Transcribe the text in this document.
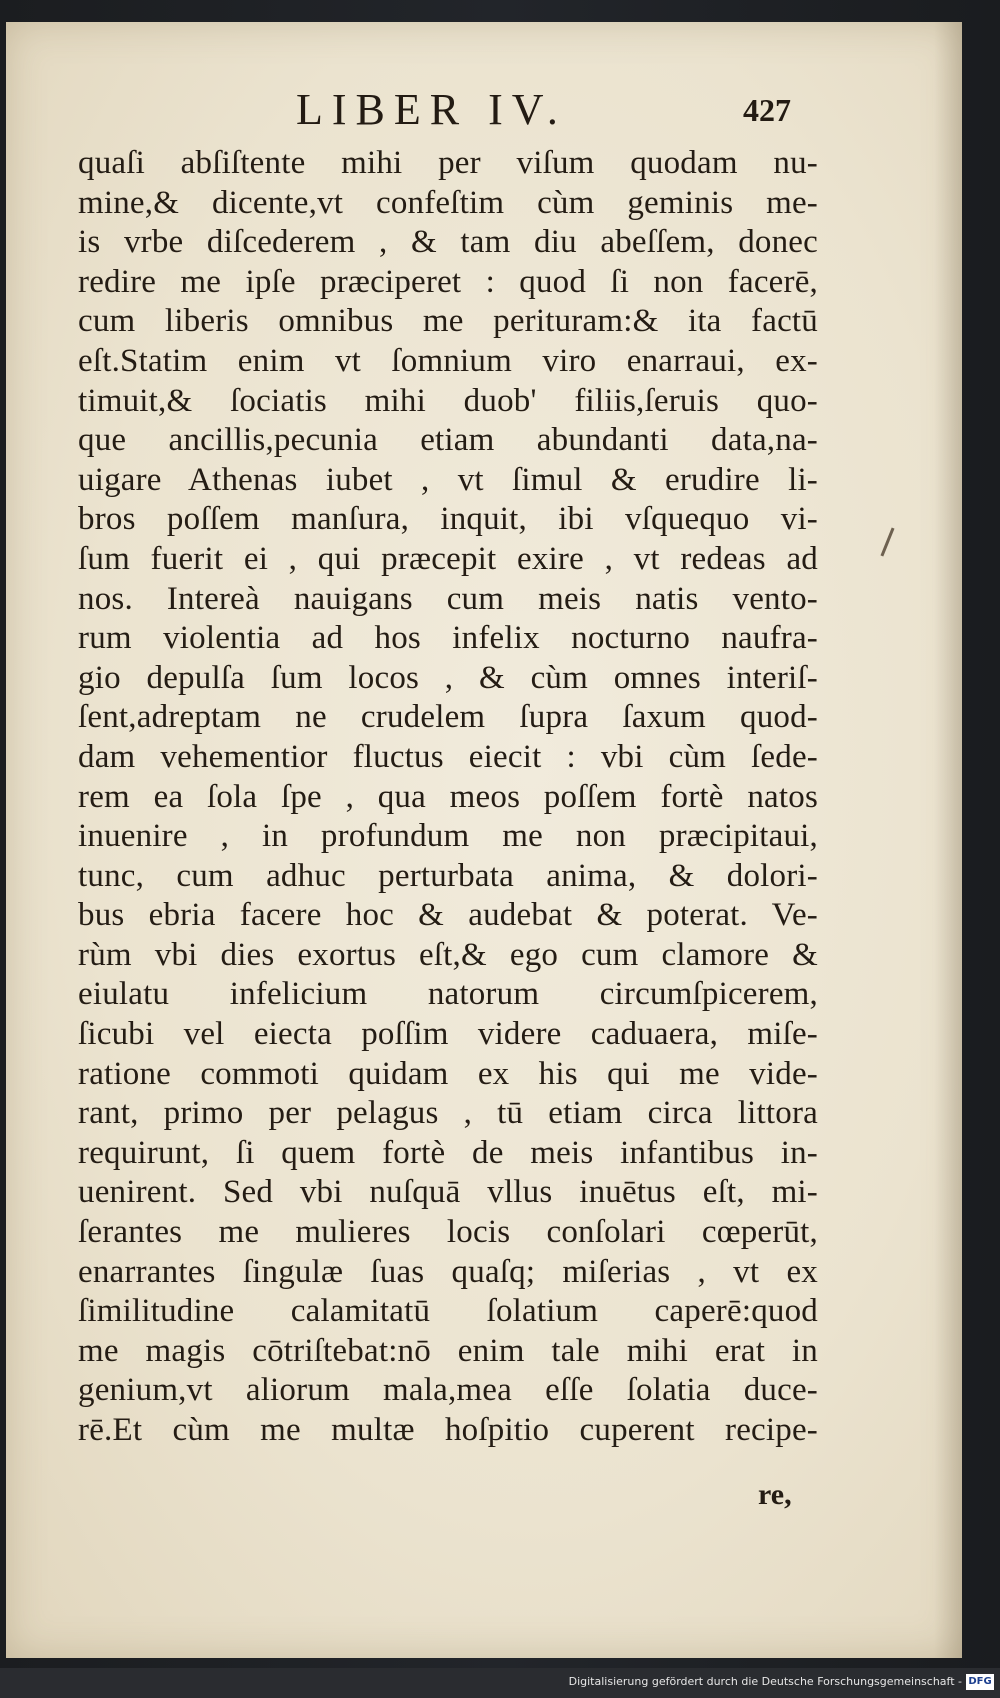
LIBER IV.	427
quaſi abſiſtente mihi per viſum quodam nu-
mine,& dicente,vt confeſtim cùm geminis me-
is vrbe diſcederem , & tam diu abeſſem, donec
redire me ipſe præciperet : quod ſi non facerē,
cum liberis omnibus me perituram:& ita factū
eſt.Statim enim vt ſomnium viro enarraui, ex-
timuit,& ſociatis mihi duob' filiis,ſeruis quo-
que ancillis,pecunia etiam abundanti data,na-
uigare Athenas iubet , vt ſimul & erudire li-
bros poſſem manſura, inquit, ibi vſquequo vi-
ſum fuerit ei , qui præcepit exire , vt redeas ad
nos. Intereà nauigans cum meis natis vento-
rum violentia ad hos infelix nocturno naufra-
gio depulſa ſum locos , & cùm omnes interiſ-
ſent,adreptam ne crudelem ſupra ſaxum quod-
dam vehementior fluctus eiecit : vbi cùm ſede-
rem ea ſola ſpe , qua meos poſſem fortè natos
inuenire , in profundum me non præcipitaui,
tunc, cum adhuc perturbata anima, & dolori-
bus ebria facere hoc & audebat & poterat. Ve-
rùm vbi dies exortus eſt,& ego cum clamore &
eiulatu infelicium natorum circumſpicerem,
ſicubi vel eiecta poſſim videre caduaera, miſe-
ratione commoti quidam ex his qui me vide-
rant, primo per pelagus , tū etiam circa littora
requirunt, ſi quem fortè de meis infantibus in-
uenirent. Sed vbi nuſquā vllus inuētus eſt, mi-
ſerantes me mulieres locis conſolari cœperūt,
enarrantes ſingulæ ſuas quaſq; miſerias , vt ex
ſimilitudine calamitatū ſolatium caperē:quod
me magis cōtriſtebat:nō enim tale mihi erat in
genium,vt aliorum mala,mea eſſe ſolatia duce-
rē.Et cùm me multæ hoſpitio cuperent recipe-
re,
Digitalisierung gefördert durch die Deutsche Forschungsgemeinschaft - DFG
